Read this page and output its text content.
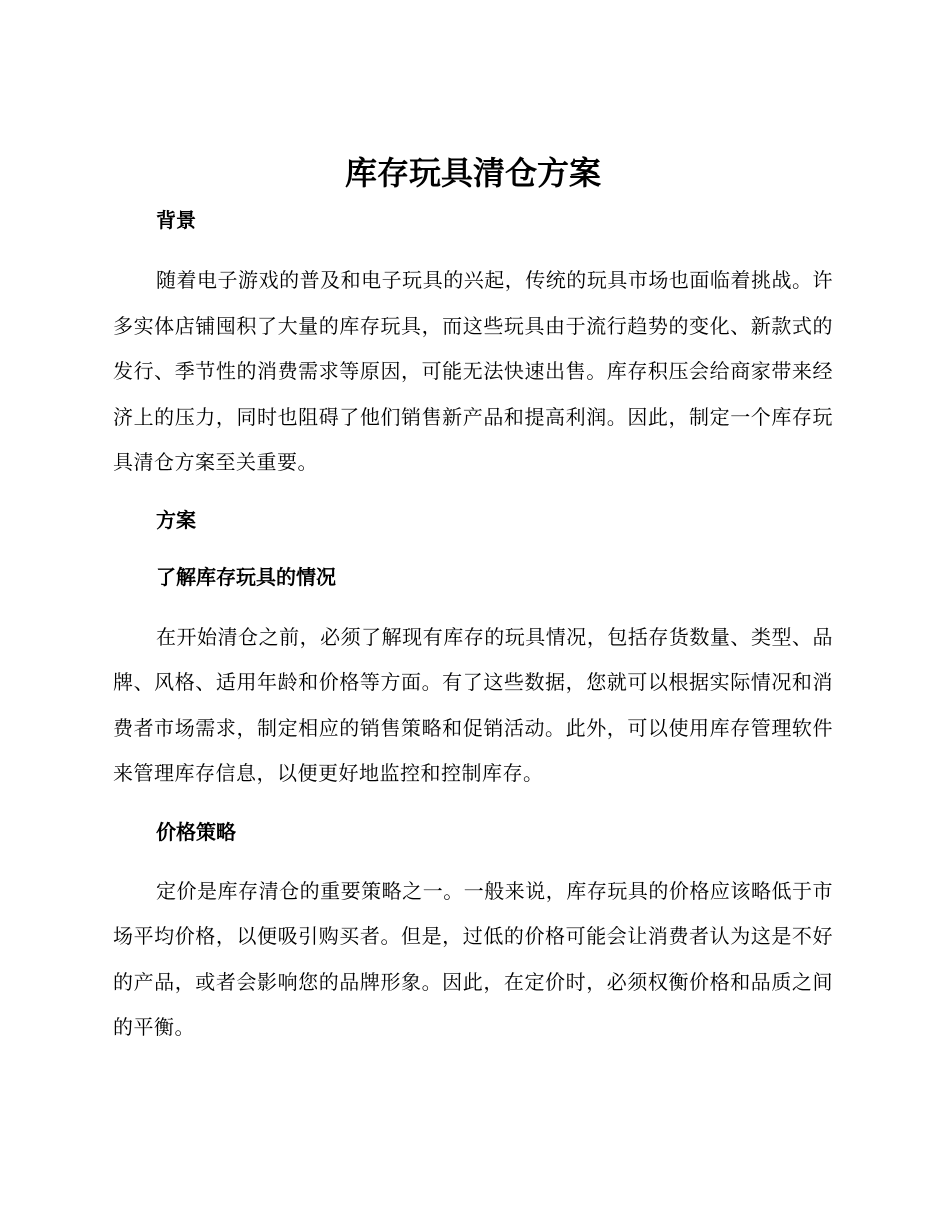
库存玩具清仓方案
背景

随着电子游戏的普及和电子玩具的兴起，传统的玩具市场也面临着挑战。许多实体店铺囤积了大量的库存玩具，而这些玩具由于流行趋势的变化、新款式的发行、季节性的消费需求等原因，可能无法快速出售。库存积压会给商家带来经济上的压力，同时也阻碍了他们销售新产品和提高利润。因此，制定一个库存玩具清仓方案至关重要。

方案
了解库存玩具的情况

在开始清仓之前，必须了解现有库存的玩具情况，包括存货数量、类型、品牌、风格、适用年龄和价格等方面。有了这些数据，您就可以根据实际情况和消费者市场需求，制定相应的销售策略和促销活动。此外，可以使用库存管理软件来管理库存信息，以便更好地监控和控制库存。

价格策略

定价是库存清仓的重要策略之一。一般来说，库存玩具的价格应该略低于市场平均价格，以便吸引购买者。但是，过低的价格可能会让消费者认为这是不好的产品，或者会影响您的品牌形象。因此，在定价时，必须权衡价格和品质之间的平衡。
